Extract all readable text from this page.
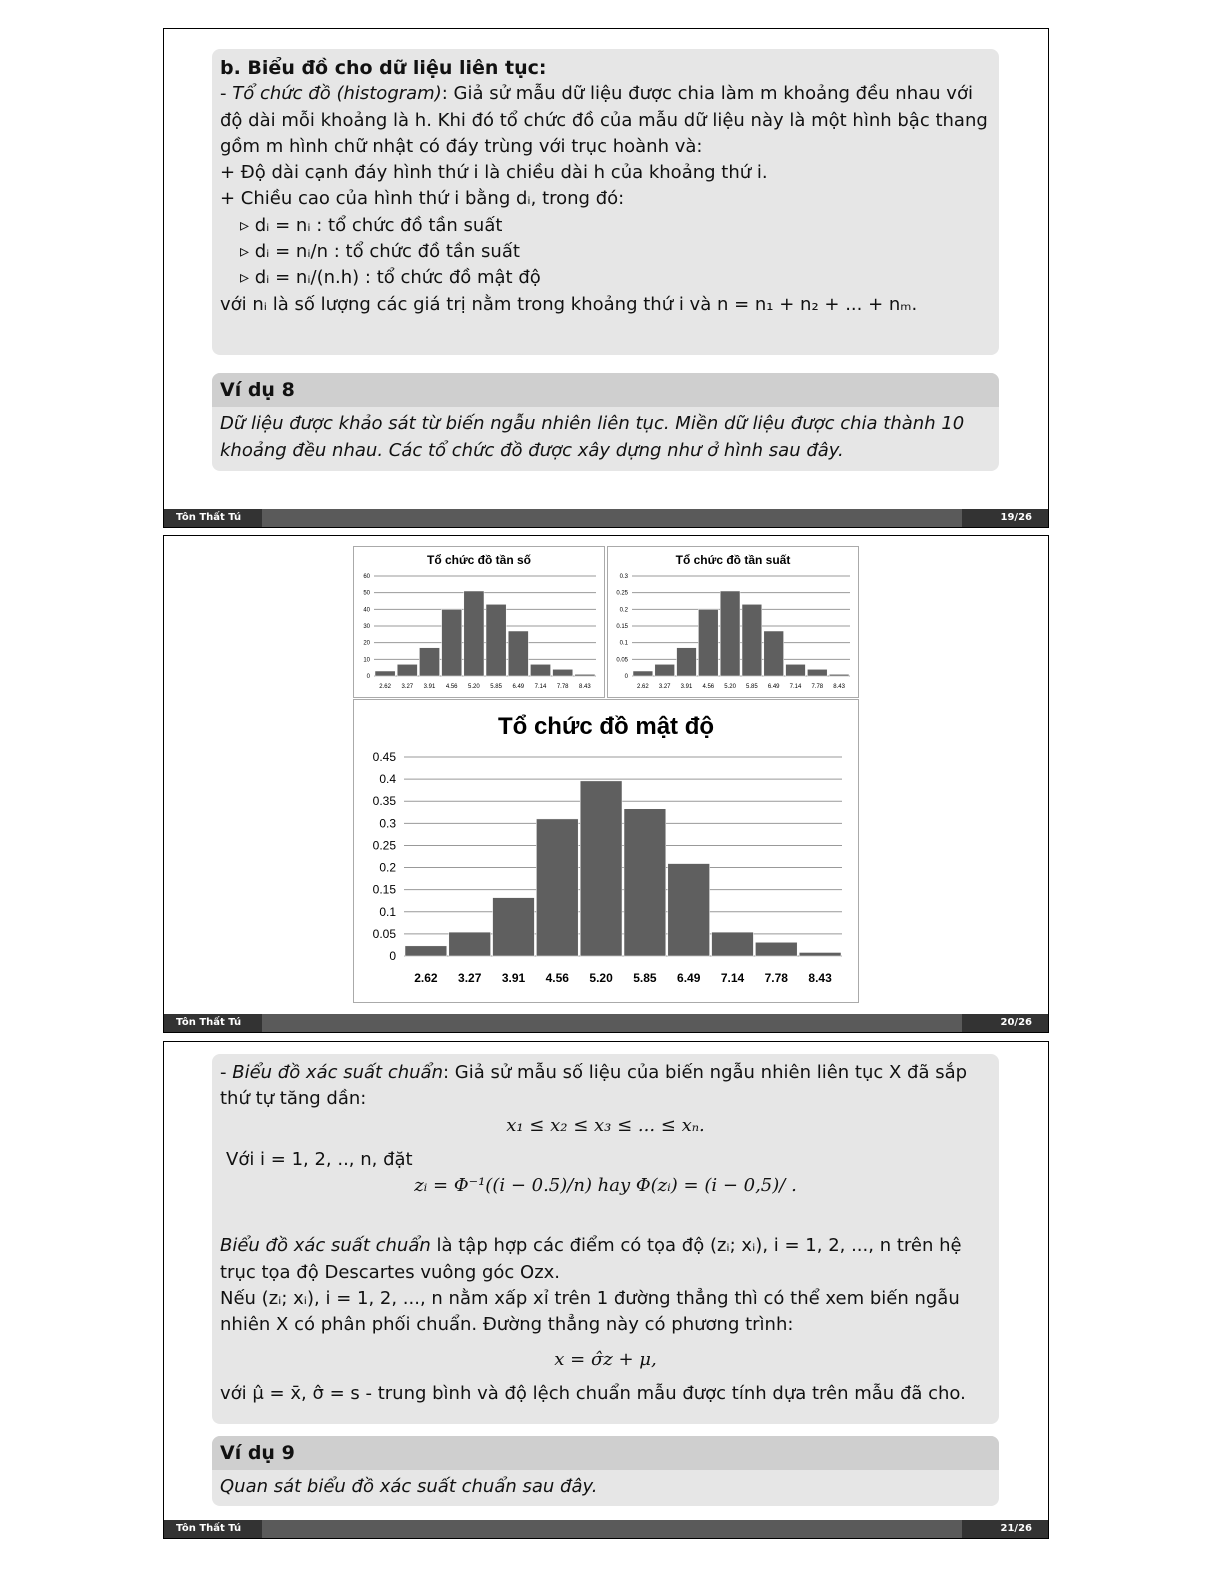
b. Biểu đồ cho dữ liệu liên tục:
- Tổ chức đồ (histogram): Giả sử mẫu dữ liệu được chia làm m khoảng đều nhau với độ dài mỗi khoảng là h. Khi đó tổ chức đồ của mẫu dữ liệu này là một hình bậc thang gồm m hình chữ nhật có đáy trùng với trục hoành và:
+ Độ dài cạnh đáy hình thứ i là chiều dài h của khoảng thứ i.
+ Chiều cao của hình thứ i bằng dᵢ, trong đó:
▹ dᵢ = nᵢ : tổ chức đồ tần suất
▹ dᵢ = nᵢ/n : tổ chức đồ tần suất
▹ dᵢ = nᵢ/(n.h) : tổ chức đồ mật độ
với nᵢ là số lượng các giá trị nằm trong khoảng thứ i và n = n₁ + n₂ + ... + nₘ.
Ví dụ 8
Dữ liệu được khảo sát từ biến ngẫu nhiên liên tục. Miền dữ liệu được chia thành 10 khoảng đều nhau. Các tổ chức đồ được xây dựng như ở hình sau đây.
Tôn Thất Tú	19/26
Tổ chức đồ tần số
0
10
20
30
40
50
60
2.62 3.27 3.91 4.56 5.20 5.85 6.49 7.14 7.78 8.43
Tổ chức đồ tần suất
0
0.05
0.1
0.15
0.2
0.25
0.3
2.62 3.27 3.91 4.56 5.20 5.85 6.49 7.14 7.78 8.43
Tổ chức đồ mật độ
0
0.05
0.1
0.15
0.2
0.25
0.3
0.35
0.4
0.45
2.62 3.27 3.91 4.56 5.20 5.85 6.49 7.14 7.78 8.43
Tôn Thất Tú	20/26
- Biểu đồ xác suất chuẩn: Giả sử mẫu số liệu của biến ngẫu nhiên liên tục X đã sắp thứ tự tăng dần:
x₁ ≤ x₂ ≤ x₃ ≤ ... ≤ xₙ.
Với i = 1, 2, .., n, đặt
zᵢ = Φ⁻¹((i − 0.5)/n) hay Φ(zᵢ) = (i − 0,5)/ .
Biểu đồ xác suất chuẩn là tập hợp các điểm có tọa độ (zᵢ; xᵢ), i = 1, 2, ..., n trên hệ trục tọa độ Descartes vuông góc Ozx.
Nếu (zᵢ; xᵢ), i = 1, 2, ..., n nằm xấp xỉ trên 1 đường thẳng thì có thể xem biến ngẫu nhiên X có phân phối chuẩn. Đường thẳng này có phương trình:
x = σ̂z + μ,
với μ̂ = x̄, σ̂ = s - trung bình và độ lệch chuẩn mẫu được tính dựa trên mẫu đã cho.
Ví dụ 9
Quan sát biểu đồ xác suất chuẩn sau đây.
Tôn Thất Tú	21/26
